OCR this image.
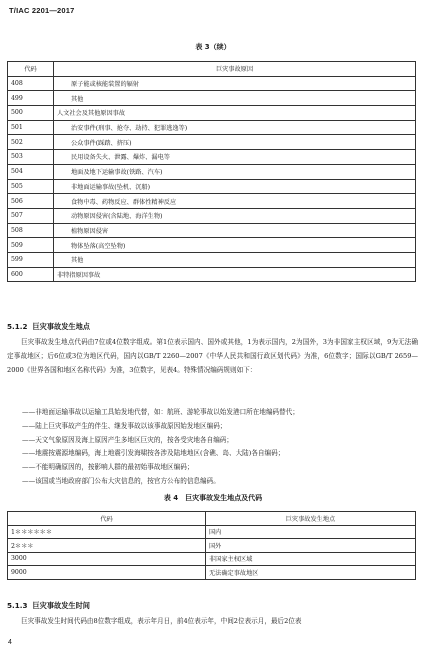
T/IAC 2201—2017
表 3（续）
代码	巨灾事故原因
408	原子能或核能装置的辐射
499	其他
500	人文社会及其他原因事故
501	治安事件(刑事、抢夺、劫持、犯罪逃逸等)
502	公众事件(踩踏、挤压)
503	民用设备失火、泄露、爆炸、漏电等
504	地面及地下运输事故(铁路、汽车)
505	非地面运输事故(坠机、沉船)
506	食物中毒、药物反应、群体性精神反应
507	动物原因侵害(含陆地、海洋生物)
508	植物原因侵害
509	物体坠落(高空坠物)
599	其他
600	非特指原因事故
5.1.2 巨灾事故发生地点

巨灾事故发生地点代码由7位或4位数字组成。第1位表示国内、国外或其他，1为表示国内，2为国外，3为非国家主权区域，9为无法确定事故地区；后6位或3位为地区代码，国内以GB/T 2260—2007《中华人民共和国行政区划代码》为准，6位数字；国际以GB/T 2659—2000《世界各国和地区名称代码》为准，3位数字，见表4。特殊情况编码规则如下：

——非地面运输事故以运输工具始发地代替，如：航班、游轮事故以始发港口所在地编码替代；
——陆上巨灾事故产生的伴生、继发事故以该事故原因始发地区编码；
——天文气象原因及海上原因产生多地区巨灾的，按各受灾地各自编码；
——地震按震源地编码，海上地震引发海啸按各涉及陆地地区(含礁、岛、大陆)各自编码；
——不能明确原因的，按影响人群的最初始事故地区编码；
——该国或当地政府部门公布大灾信息的，按官方公布的信息编码。
表 4　巨灾事故发生地点及代码
代码	巨灾事故发生地点
1＊＊＊＊＊＊	国内
2＊＊＊	国外
3000	非国家主权区域
9000	无法确定事故地区
5.1.3 巨灾事故发生时间

巨灾事故发生时间代码由8位数字组成，表示年月日，前4位表示年，中间2位表示月，最后2位表

4
